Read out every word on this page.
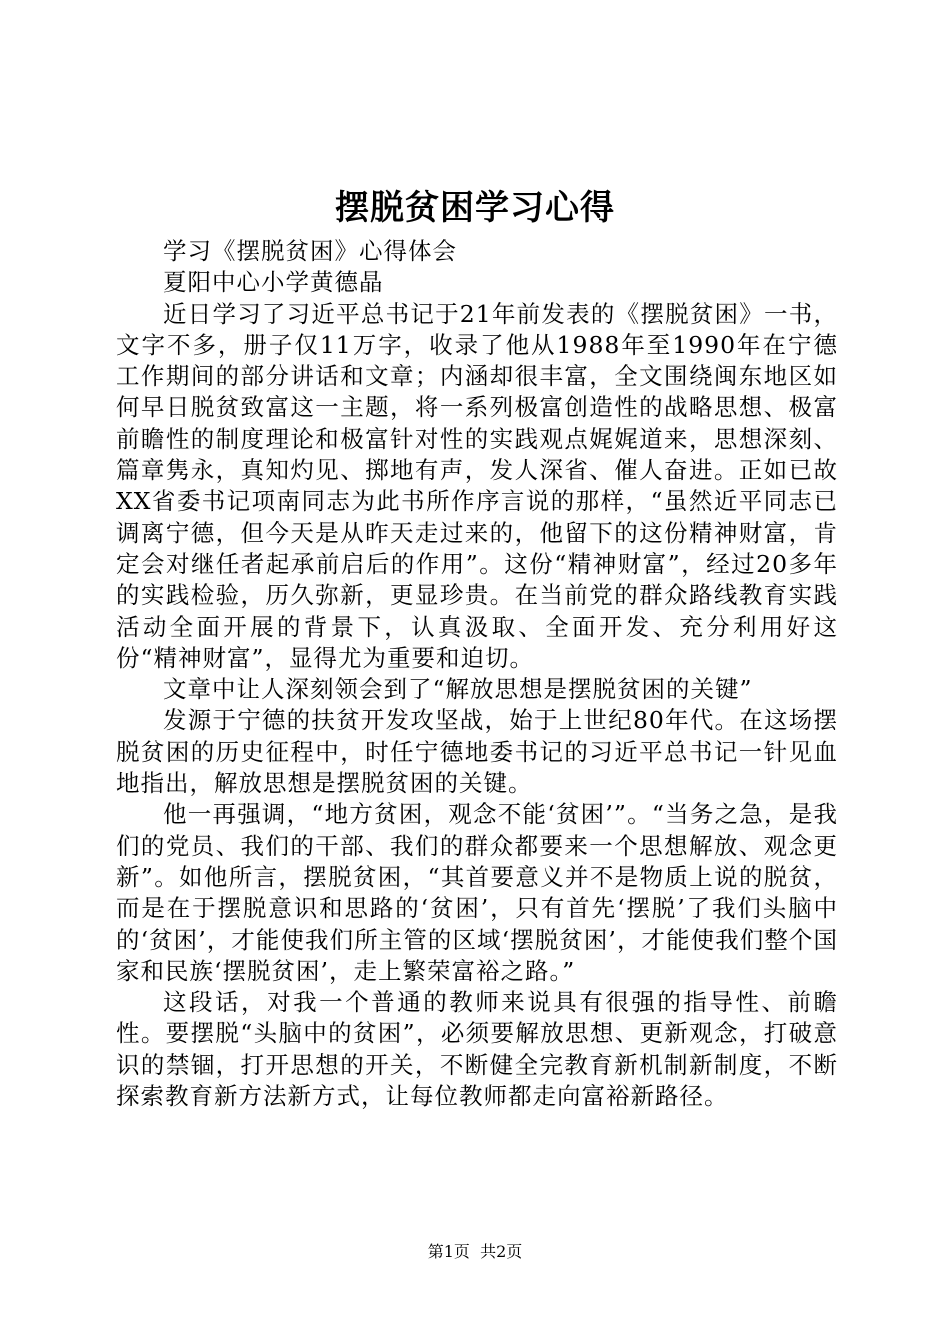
摆脱贫困学习心得

学习《摆脱贫困》心得体会

夏阳中心小学黄德晶

近日学习了习近平总书记于21年前发表的《摆脱贫困》一书，文字不多，册子仅11万字，收录了他从1988年至1990年在宁德工作期间的部分讲话和文章；内涵却很丰富，全文围绕闽东地区如何早日脱贫致富这一主题，将一系列极富创造性的战略思想、极富前瞻性的制度理论和极富针对性的实践观点娓娓道来，思想深刻、篇章隽永，真知灼见、掷地有声，发人深省、催人奋进。正如已故XX省委书记项南同志为此书所作序言说的那样，“虽然近平同志已调离宁德，但今天是从昨天走过来的，他留下的这份精神财富，肯定会对继任者起承前启后的作用”。这份“精神财富”，经过20多年的实践检验，历久弥新，更显珍贵。在当前党的群众路线教育实践活动全面开展的背景下，认真汲取、全面开发、充分利用好这份“精神财富”，显得尤为重要和迫切。

文章中让人深刻领会到了“解放思想是摆脱贫困的关键”

发源于宁德的扶贫开发攻坚战，始于上世纪80年代。在这场摆脱贫困的历史征程中，时任宁德地委书记的习近平总书记一针见血地指出，解放思想是摆脱贫困的关键。

他一再强调，“地方贫困，观念不能‘贫困’”。“当务之急，是我们的党员、我们的干部、我们的群众都要来一个思想解放、观念更新”。如他所言，摆脱贫困，“其首要意义并不是物质上说的脱贫，而是在于摆脱意识和思路的‘贫困’，只有首先‘摆脱’了我们头脑中的‘贫困’，才能使我们所主管的区域‘摆脱贫困’，才能使我们整个国家和民族‘摆脱贫困’，走上繁荣富裕之路。”

这段话，对我一个普通的教师来说具有很强的指导性、前瞻性。要摆脱“头脑中的贫困”，必须要解放思想、更新观念，打破意识的禁锢，打开思想的开关，不断健全完教育新机制新制度，不断探索教育新方法新方式，让每位教师都走向富裕新路径。

第1页 共2页
